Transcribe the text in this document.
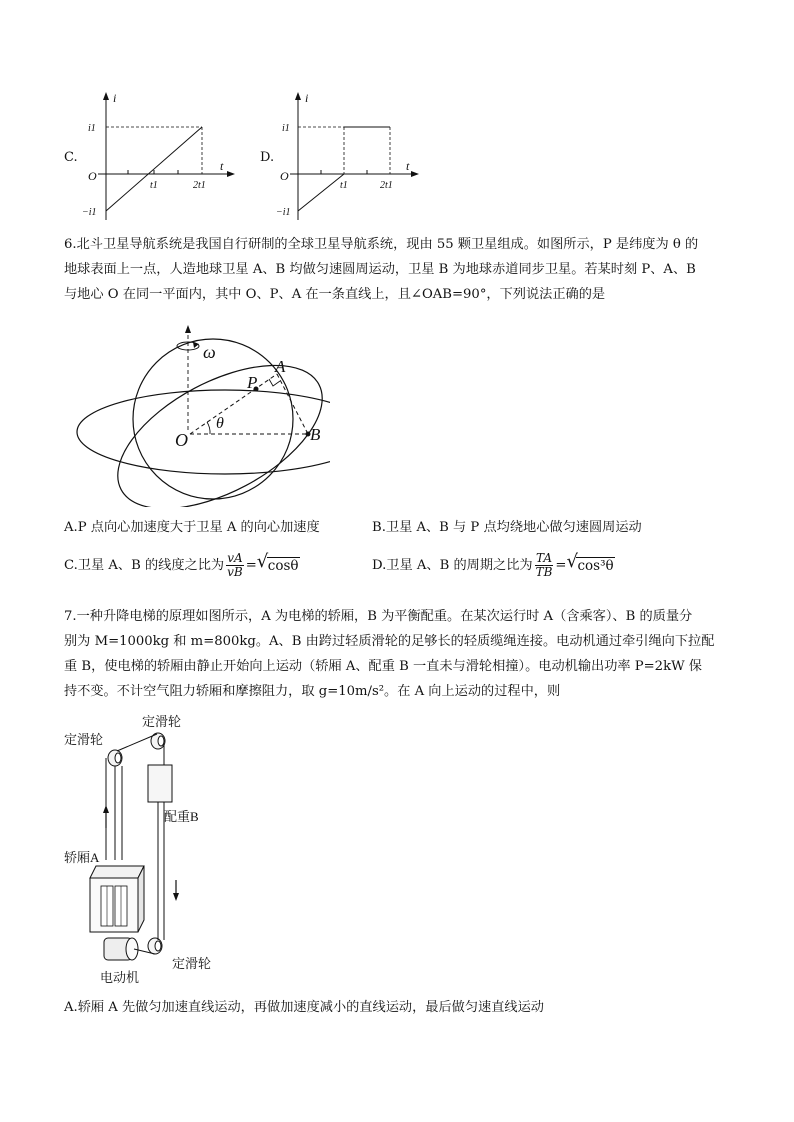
C.
i
t
O
i1
−i1
t1	2t1
D.
i
t
O
i1
−i1
t1	2t1
6.北斗卫星导航系统是我国自行研制的全球卫星导航系统，现由 55 颗卫星组成。如图所示，P 是纬度为 θ 的
地球表面上一点，人造地球卫星 A、B 均做匀速圆周运动，卫星 B 为地球赤道同步卫星。若某时刻 P、A、B
与地心 O 在同一平面内，其中 O、P、A 在一条直线上，且∠OAB=90°，下列说法正确的是
ω
P
A
O
θ
B
A.P 点向心加速度大于卫星 A 的向心加速度	B.卫星 A、B 与 P 点均绕地心做匀速圆周运动
C.卫星 A、B 的线度之比为 $\frac{vA}{vB}$ = √ cosθ	D.卫星 A、B 的周期之比为 $\frac{TA}{TB}$ = √ cos³θ
7.一种升降电梯的原理如图所示，A 为电梯的轿厢，B 为平衡配重。在某次运行时 A（含乘客）、B 的质量分
别为 M=1000kg 和 m=800kg。A、B 由跨过轻质滑轮的足够长的轻质缆绳连接。电动机通过牵引绳向下拉配
重 B，使电梯的轿厢由静止开始向上运动（轿厢 A、配重 B 一直未与滑轮相撞）。电动机输出功率 P=2kW 保
持不变。不计空气阻力轿厢和摩擦阻力，取 g=10m/s²。在 A 向上运动的过程中，则
定滑轮
定滑轮
配重B
轿厢A
定滑轮
电动机
A.轿厢 A 先做匀加速直线运动，再做加速度减小的直线运动，最后做匀速直线运动
